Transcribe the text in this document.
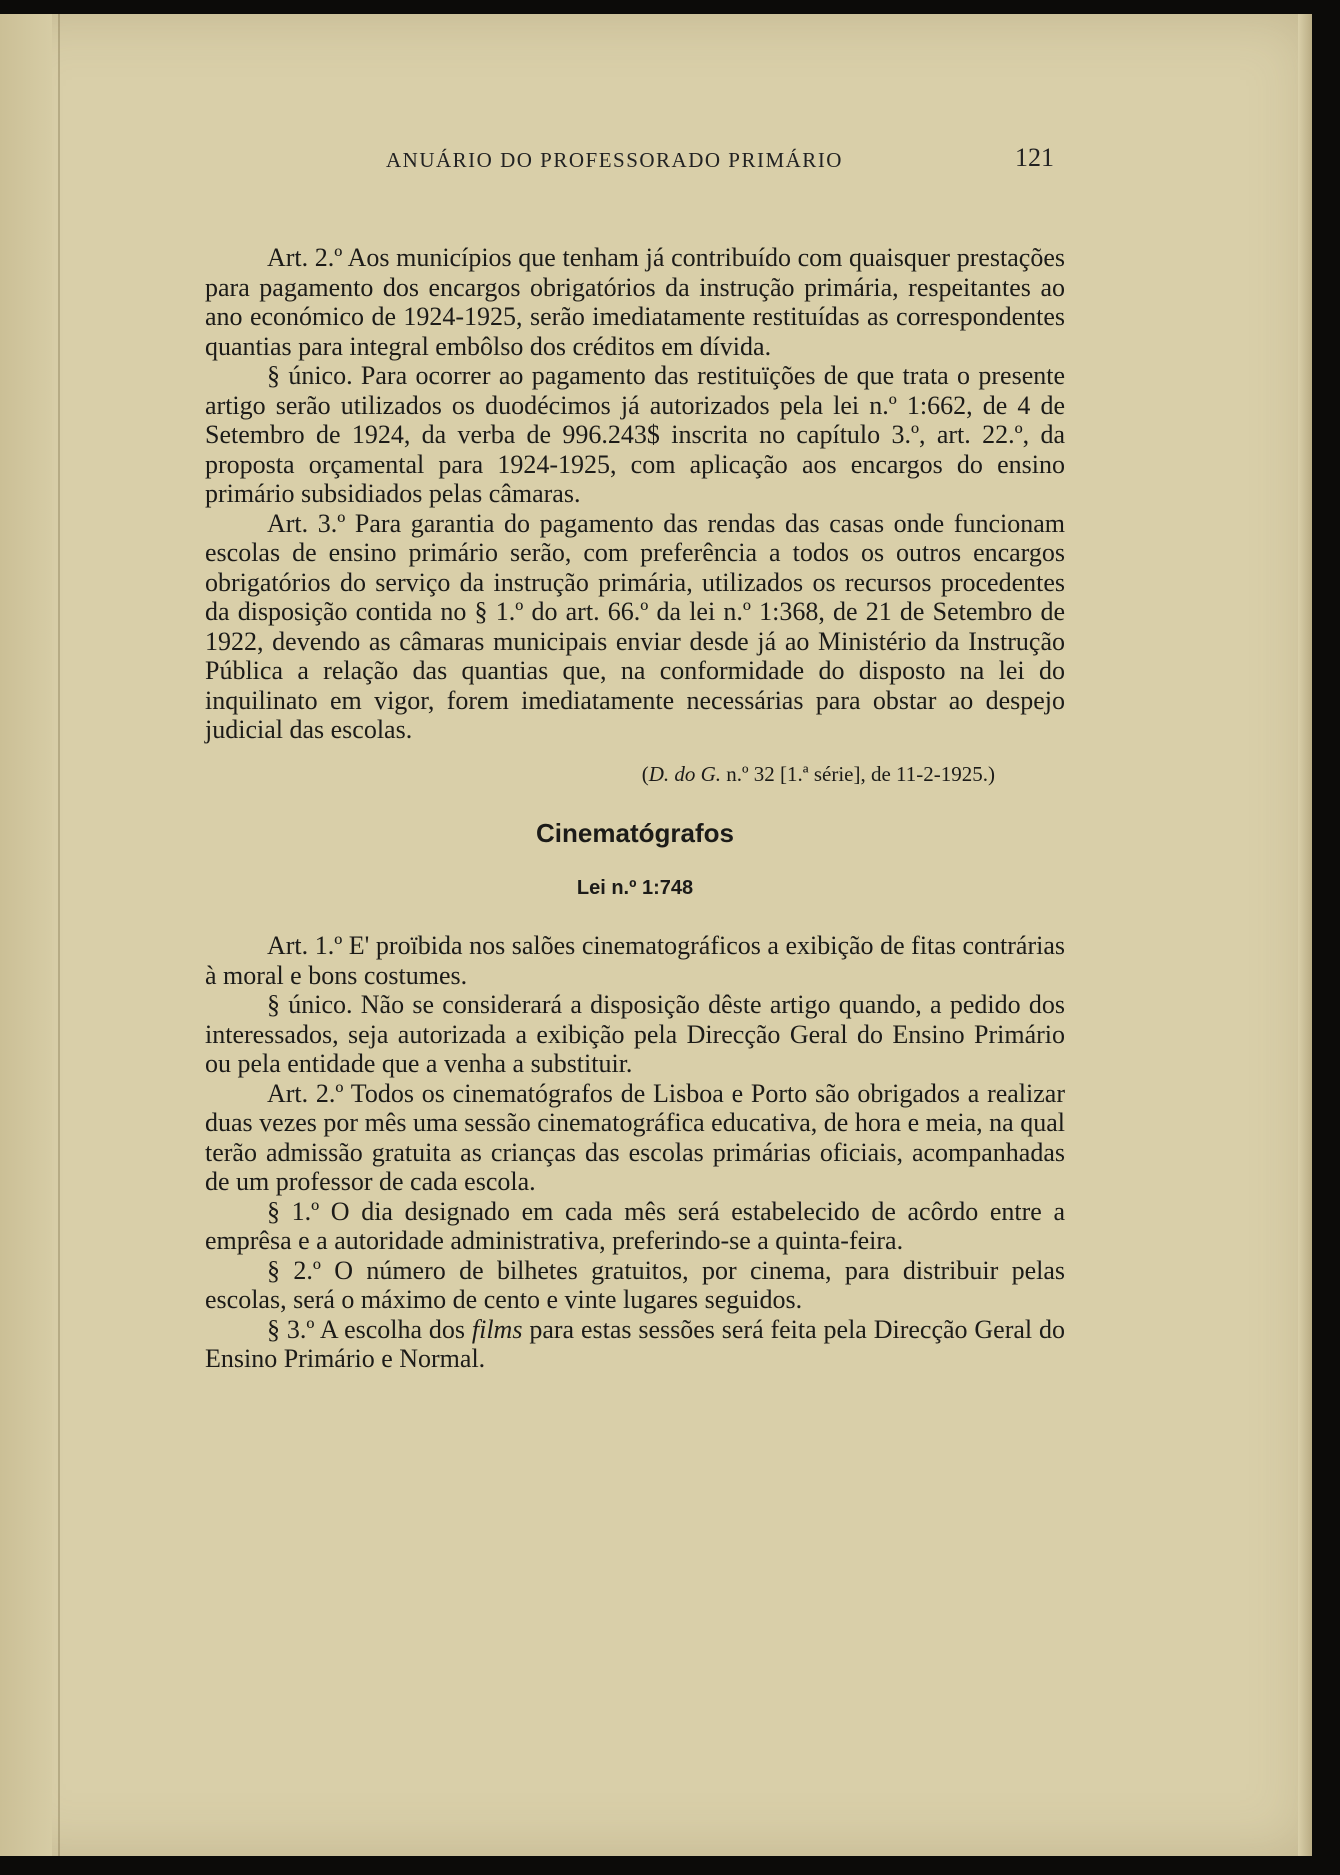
ANUÁRIO DO PROFESSORADO PRIMÁRIO	121

Art. 2.º Aos municípios que tenham já contribuído com quaisquer prestações para pagamento dos encargos obrigatórios da instrução primária, respeitantes ao ano económico de 1924-1925, serão imediatamente restituídas as correspondentes quantias para integral embôlso dos créditos em dívida.

§ único. Para ocorrer ao pagamento das restituïções de que trata o presente artigo serão utilizados os duodécimos já autorizados pela lei n.º 1:662, de 4 de Setembro de 1924, da verba de 996.243$ inscrita no capítulo 3.º, art. 22.º, da proposta orçamental para 1924-1925, com aplicação aos encargos do ensino primário subsidiados pelas câmaras.

Art. 3.º Para garantia do pagamento das rendas das casas onde funcionam escolas de ensino primário serão, com preferência a todos os outros encargos obrigatórios do serviço da instrução primária, utilizados os recursos procedentes da disposição contida no § 1.º do art. 66.º da lei n.º 1:368, de 21 de Setembro de 1922, devendo as câmaras municipais enviar desde já ao Ministério da Instrução Pública a relação das quantias que, na conformidade do disposto na lei do inquilinato em vigor, forem imediatamente necessárias para obstar ao despejo judicial das escolas.

(D. do G. n.º 32 [1.ª série], de 11-2-1925.)
Cinematógrafos
Lei n.º 1:748

Art. 1.º E' proïbida nos salões cinematográficos a exibição de fitas contrárias à moral e bons costumes.

§ único. Não se considerará a disposição dêste artigo quando, a pedido dos interessados, seja autorizada a exibição pela Direcção Geral do Ensino Primário ou pela entidade que a venha a substituir.

Art. 2.º Todos os cinematógrafos de Lisboa e Porto são obrigados a realizar duas vezes por mês uma sessão cinematográfica educativa, de hora e meia, na qual terão admissão gratuita as crianças das escolas primárias oficiais, acompanhadas de um professor de cada escola.

§ 1.º O dia designado em cada mês será estabelecido de acôrdo entre a emprêsa e a autoridade administrativa, preferindo-se a quinta-feira.

§ 2.º O número de bilhetes gratuitos, por cinema, para distribuir pelas escolas, será o máximo de cento e vinte lugares seguidos.

§ 3.º A escolha dos films para estas sessões será feita pela Direcção Geral do Ensino Primário e Normal.
